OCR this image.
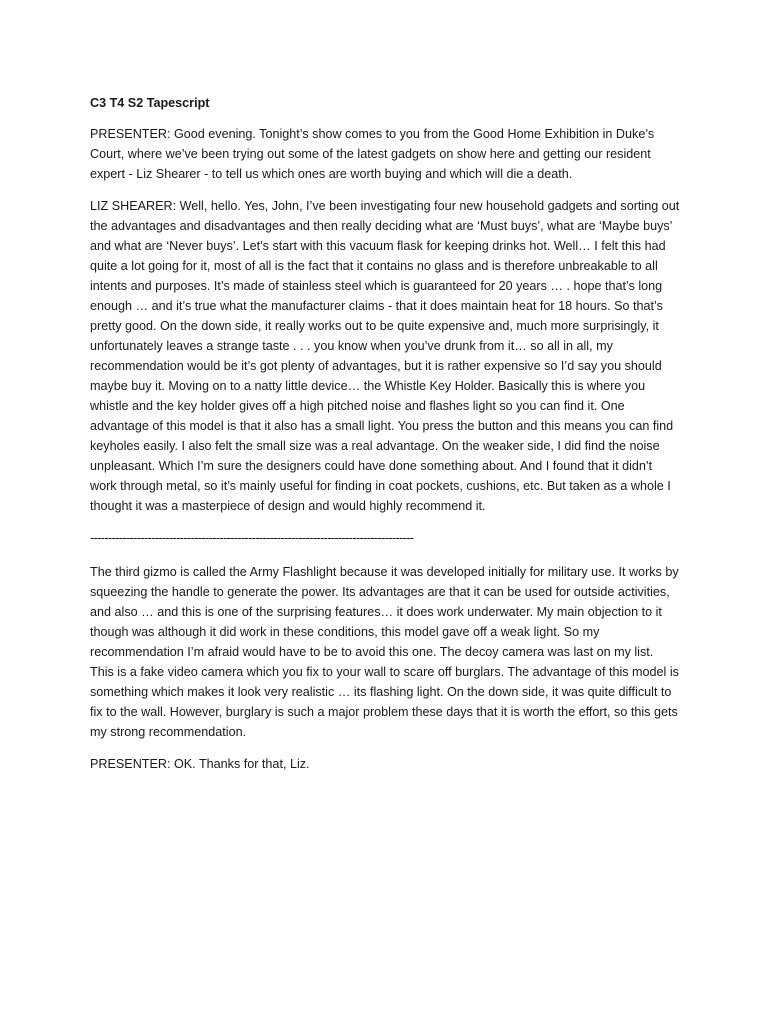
C3 T4 S2 Tapescript

PRESENTER: Good evening. Tonight’s show comes to you from the Good Home Exhibition in Duke’s Court, where we’ve been trying out some of the latest gadgets on show here and getting our resident expert - Liz Shearer - to tell us which ones are worth buying and which will die a death.

LIZ SHEARER: Well, hello. Yes, John, I’ve been investigating four new household gadgets and sorting out the advantages and disadvantages and then really deciding what are ‘Must buys’, what are ‘Maybe buys’ and what are ‘Never buys’. Let’s start with this vacuum flask for keeping drinks hot. Well… I felt this had quite a lot going for it, most of all is the fact that it contains no glass and is therefore unbreakable to all intents and purposes. It’s made of stainless steel which is guaranteed for 20 years … . hope that’s long enough … and it’s true what the manufacturer claims - that it does maintain heat for 18 hours. So that’s pretty good. On the down side, it really works out to be quite expensive and, much more surprisingly, it unfortunately leaves a strange taste . . . you know when you’ve drunk from it… so all in all, my recommendation would be it’s got plenty of advantages, but it is rather expensive so I’d say you should maybe buy it. Moving on to a natty little device… the Whistle Key Holder. Basically this is where you whistle and the key holder gives off a high pitched noise and flashes light so you can find it. One advantage of this model is that it also has a small light. You press the button and this means you can find keyholes easily. I also felt the small size was a real advantage. On the weaker side, I did find the noise unpleasant. Which I’m sure the designers could have done something about. And I found that it didn’t work through metal, so it’s mainly useful for finding in coat pockets, cushions, etc. But taken as a whole I thought it was a masterpiece of design and would highly recommend it.

------------------------------------------------------------------------------------------

The third gizmo is called the Army Flashlight because it was developed initially for military use. It works by squeezing the handle to generate the power. Its advantages are that it can be used for outside activities, and also … and this is one of the surprising features… it does work underwater. My main objection to it though was although it did work in these conditions, this model gave off a weak light. So my recommendation I’m afraid would have to be to avoid this one. The decoy camera was last on my list. This is a fake video camera which you fix to your wall to scare off burglars. The advantage of this model is something which makes it look very realistic … its flashing light. On the down side, it was quite difficult to fix to the wall. However, burglary is such a major problem these days that it is worth the effort, so this gets my strong recommendation.

PRESENTER: OK. Thanks for that, Liz.
